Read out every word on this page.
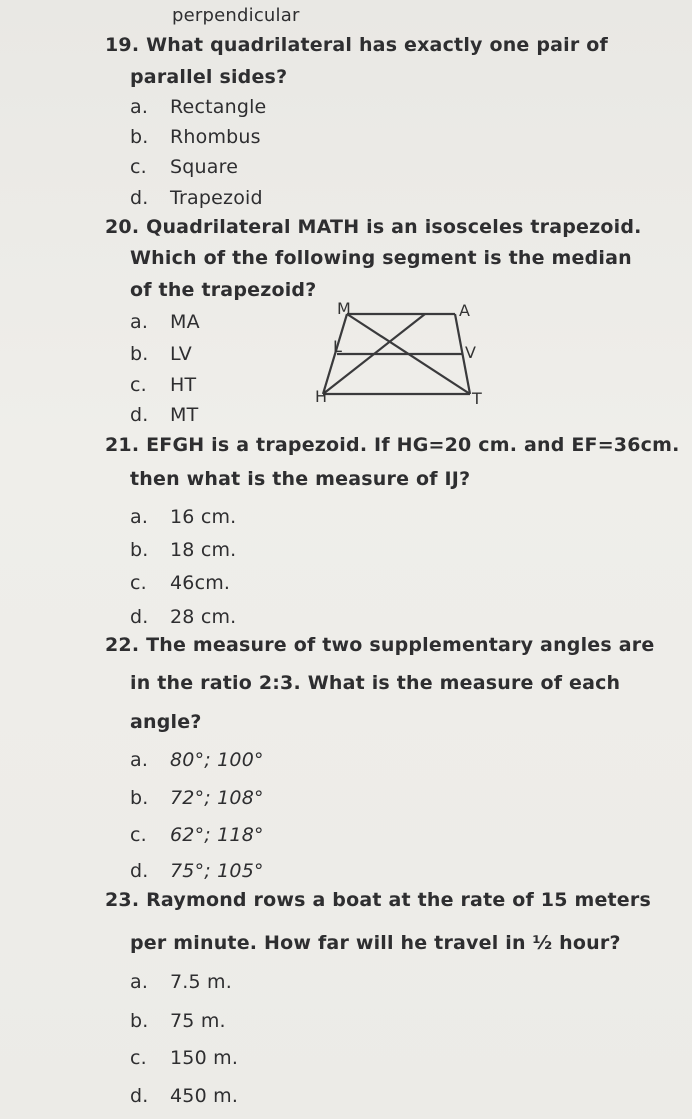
perpendicular
19. What quadrilateral has exactly one pair of
parallel sides?
a. Rectangle
b. Rhombus
c. Square
d. Trapezoid
20. Quadrilateral MATH is an isosceles trapezoid.
Which of the following segment is the median
of the trapezoid?
a. MA
b. LV
c. HT
d. MT
M	A
L	V
H	T
21. EFGH is a trapezoid. If HG=20 cm. and EF=36cm.
then what is the measure of IJ?
a. 16 cm.
b. 18 cm.
c. 46cm.
d. 28 cm.
22. The measure of two supplementary angles are
in the ratio 2:3. What is the measure of each
angle?
a. 80°; 100°
b. 72°; 108°
c. 62°; 118°
d. 75°; 105°
23. Raymond rows a boat at the rate of 15 meters
per minute. How far will he travel in ½ hour?
a. 7.5 m.
b. 75 m.
c. 150 m.
d. 450 m.
